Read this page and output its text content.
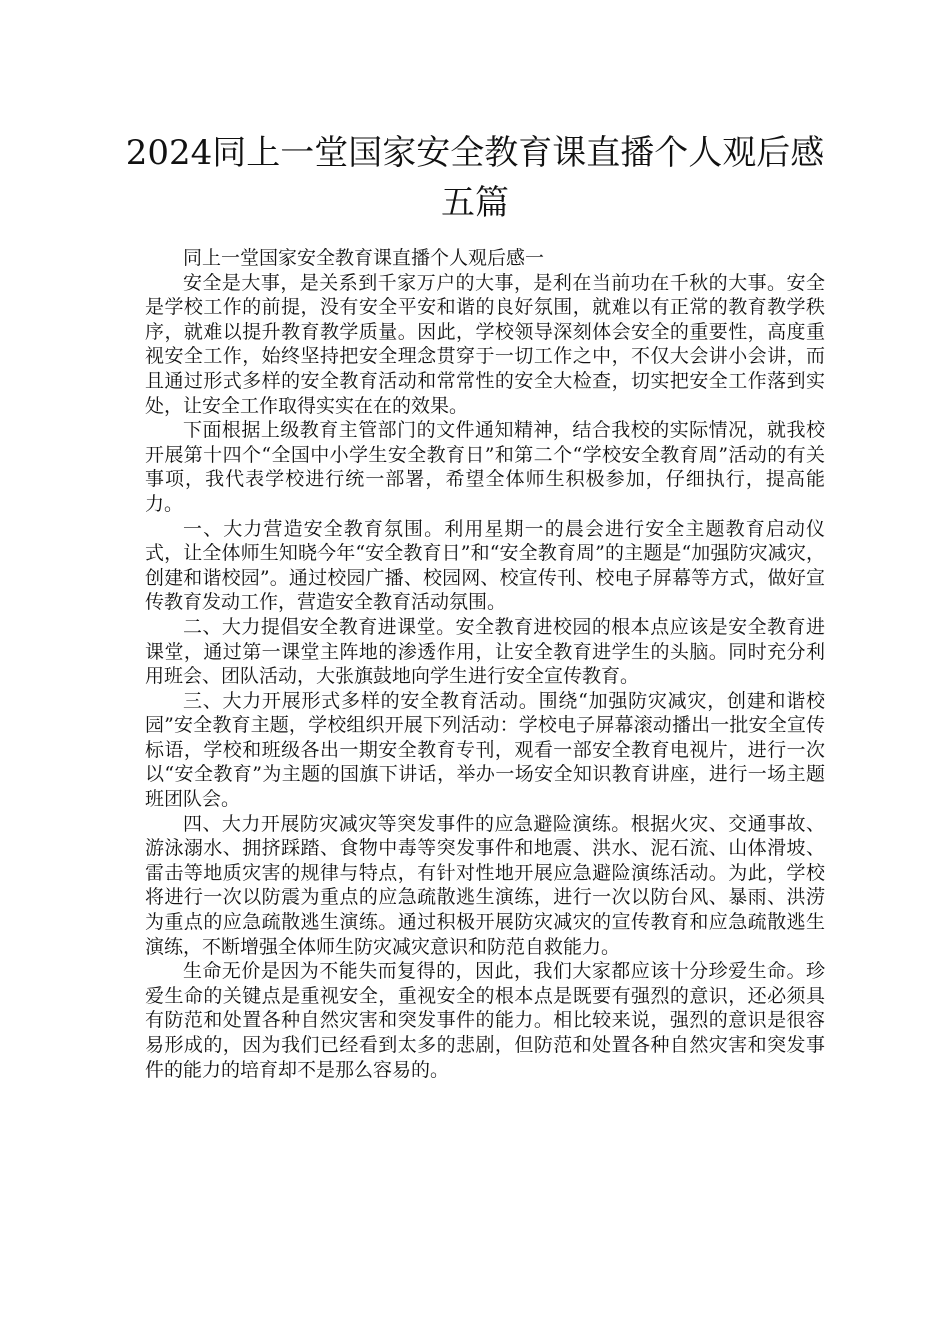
2024同上一堂国家安全教育课直播个人观后感五篇

同上一堂国家安全教育课直播个人观后感一

安全是大事，是关系到千家万户的大事，是利在当前功在千秋的大事。安全是学校工作的前提，没有安全平安和谐的良好氛围，就难以有正常的教育教学秩序，就难以提升教育教学质量。因此，学校领导深刻体会安全的重要性，高度重视安全工作，始终坚持把安全理念贯穿于一切工作之中，不仅大会讲小会讲，而且通过形式多样的安全教育活动和常常性的安全大检查，切实把安全工作落到实处，让安全工作取得实实在在的效果。

下面根据上级教育主管部门的文件通知精神，结合我校的实际情况，就我校开展第十四个“全国中小学生安全教育日”和第二个“学校安全教育周”活动的有关事项，我代表学校进行统一部署，希望全体师生积极参加，仔细执行，提高能力。

一、大力营造安全教育氛围。利用星期一的晨会进行安全主题教育启动仪式，让全体师生知晓今年“安全教育日”和“安全教育周”的主题是“加强防灾减灾，创建和谐校园”。通过校园广播、校园网、校宣传刊、校电子屏幕等方式，做好宣传教育发动工作，营造安全教育活动氛围。

二、大力提倡安全教育进课堂。安全教育进校园的根本点应该是安全教育进课堂，通过第一课堂主阵地的渗透作用，让安全教育进学生的头脑。同时充分利用班会、团队活动，大张旗鼓地向学生进行安全宣传教育。

三、大力开展形式多样的安全教育活动。围绕“加强防灾减灾，创建和谐校园”安全教育主题，学校组织开展下列活动：学校电子屏幕滚动播出一批安全宣传标语，学校和班级各出一期安全教育专刊，观看一部安全教育电视片，进行一次以“安全教育”为主题的国旗下讲话，举办一场安全知识教育讲座，进行一场主题班团队会。

四、大力开展防灾减灾等突发事件的应急避险演练。根据火灾、交通事故、游泳溺水、拥挤踩踏、食物中毒等突发事件和地震、洪水、泥石流、山体滑坡、雷击等地质灾害的规律与特点，有针对性地开展应急避险演练活动。为此，学校将进行一次以防震为重点的应急疏散逃生演练，进行一次以防台风、暴雨、洪涝为重点的应急疏散逃生演练。通过积极开展防灾减灾的宣传教育和应急疏散逃生演练，不断增强全体师生防灾减灾意识和防范自救能力。

生命无价是因为不能失而复得的，因此，我们大家都应该十分珍爱生命。珍爱生命的关键点是重视安全，重视安全的根本点是既要有强烈的意识，还必须具有防范和处置各种自然灾害和突发事件的能力。相比较来说，强烈的意识是很容易形成的，因为我们已经看到太多的悲剧，但防范和处置各种自然灾害和突发事件的能力的培育却不是那么容易的。
